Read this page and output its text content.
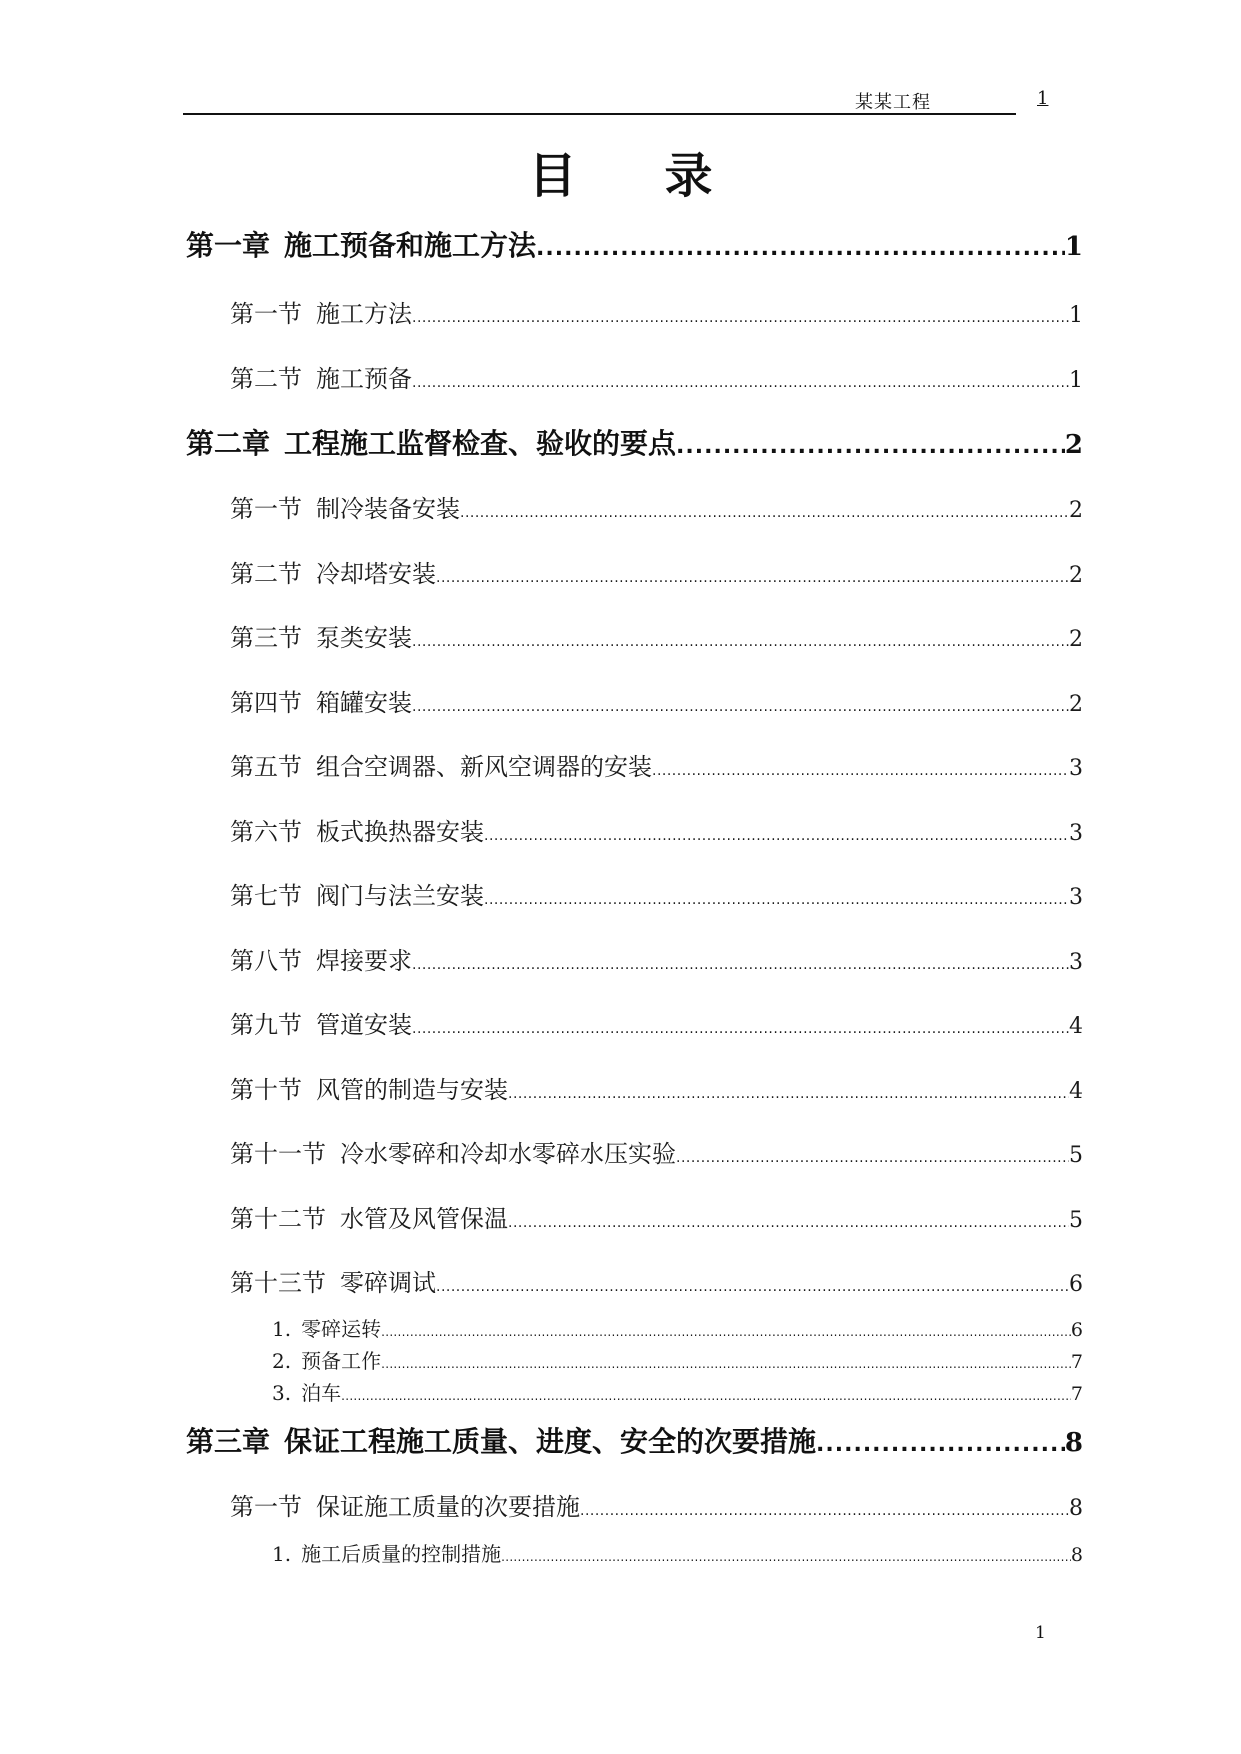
某某工程	1
目录
第一章 施工预备和施工方法 .....	1
第一节 施工方法 .....	1
第二节 施工预备 .....	1
第二章 工程施工监督检查、验收的要点 .....	2
第一节 制冷装备安装 .....	2
第二节 冷却塔安装 .....	2
第三节 泵类安装 .....	2
第四节 箱罐安装 .....	2
第五节 组合空调器、新风空调器的安装 .....	3
第六节 板式换热器安装 .....	3
第七节 阀门与法兰安装 .....	3
第八节 焊接要求 .....	3
第九节 管道安装 .....	4
第十节 风管的制造与安装 .....	4
第十一节 冷水零碎和冷却水零碎水压实验 .....	5
第十二节 水管及风管保温 .....	5
第十三节 零碎调试 .....	6
1. 零碎运转 .....	6
2. 预备工作 .....	7
3. 泊车 .....	7
第三章 保证工程施工质量、进度、安全的次要措施 .....	8
第一节 保证施工质量的次要措施 .....	8
1. 施工后质量的控制措施 .....	8
1
